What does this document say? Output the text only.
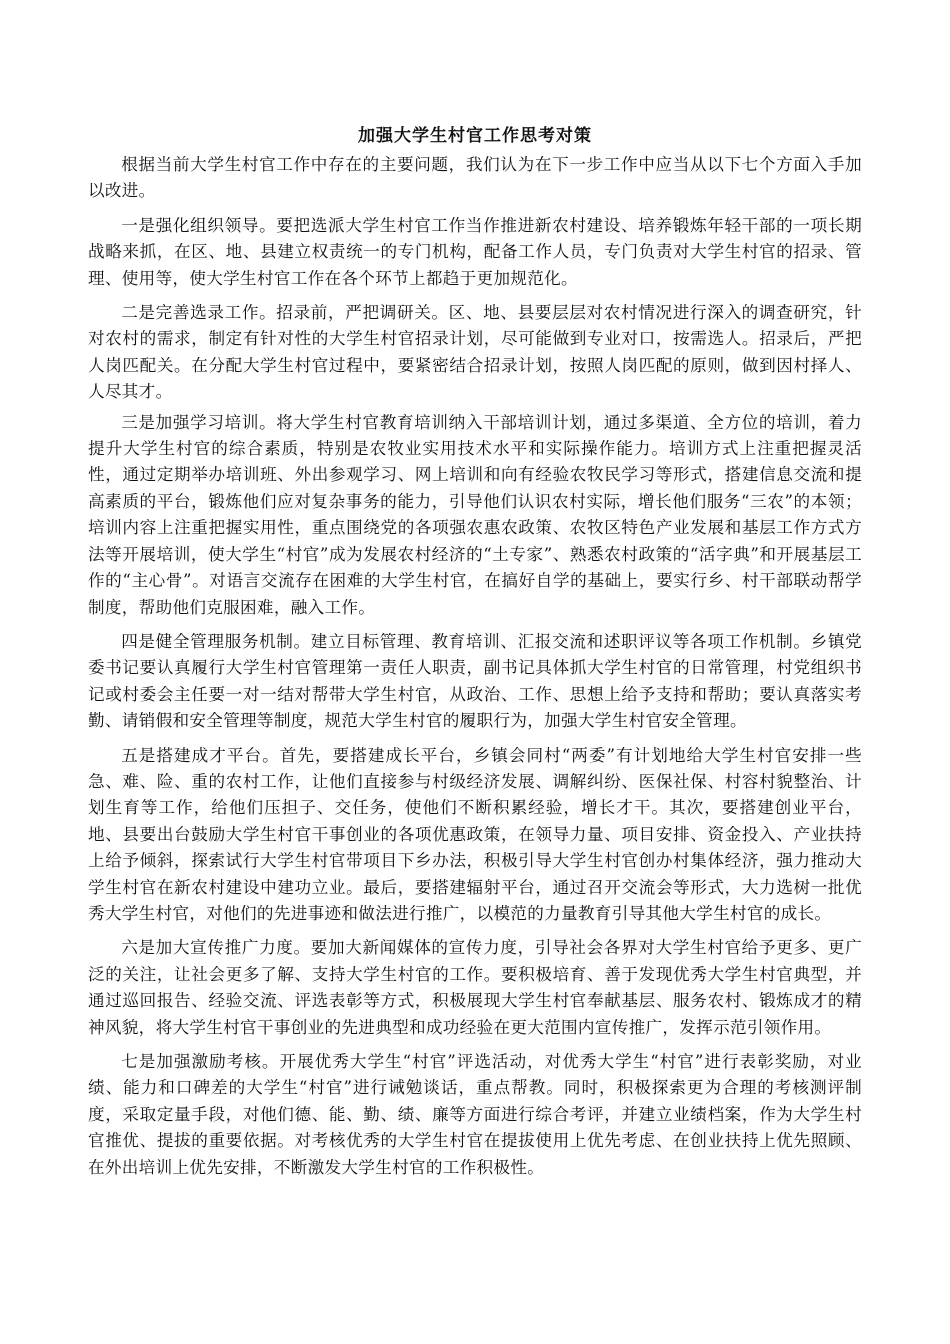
加强大学生村官工作思考对策

根据当前大学生村官工作中存在的主要问题，我们认为在下一步工作中应当从以下七个方面入手加以改进。

一是强化组织领导。要把选派大学生村官工作当作推进新农村建设、培养锻炼年轻干部的一项长期战略来抓，在区、地、县建立权责统一的专门机构，配备工作人员，专门负责对大学生村官的招录、管理、使用等，使大学生村官工作在各个环节上都趋于更加规范化。

二是完善选录工作。招录前，严把调研关。区、地、县要层层对农村情况进行深入的调查研究，针对农村的需求，制定有针对性的大学生村官招录计划，尽可能做到专业对口，按需选人。招录后，严把人岗匹配关。在分配大学生村官过程中，要紧密结合招录计划，按照人岗匹配的原则，做到因村择人、人尽其才。

三是加强学习培训。将大学生村官教育培训纳入干部培训计划，通过多渠道、全方位的培训，着力提升大学生村官的综合素质，特别是农牧业实用技术水平和实际操作能力。培训方式上注重把握灵活性，通过定期举办培训班、外出参观学习、网上培训和向有经验农牧民学习等形式，搭建信息交流和提高素质的平台，锻炼他们应对复杂事务的能力，引导他们认识农村实际，增长他们服务“三农”的本领；培训内容上注重把握实用性，重点围绕党的各项强农惠农政策、农牧区特色产业发展和基层工作方式方法等开展培训，使大学生“村官”成为发展农村经济的“土专家”、熟悉农村政策的“活字典”和开展基层工作的“主心骨”。对语言交流存在困难的大学生村官，在搞好自学的基础上，要实行乡、村干部联动帮学制度，帮助他们克服困难，融入工作。

四是健全管理服务机制。建立目标管理、教育培训、汇报交流和述职评议等各项工作机制。乡镇党委书记要认真履行大学生村官管理第一责任人职责，副书记具体抓大学生村官的日常管理，村党组织书记或村委会主任要一对一结对帮带大学生村官，从政治、工作、思想上给予支持和帮助；要认真落实考勤、请销假和安全管理等制度，规范大学生村官的履职行为，加强大学生村官安全管理。

五是搭建成才平台。首先，要搭建成长平台，乡镇会同村“两委”有计划地给大学生村官安排一些急、难、险、重的农村工作，让他们直接参与村级经济发展、调解纠纷、医保社保、村容村貌整治、计划生育等工作，给他们压担子、交任务，使他们不断积累经验，增长才干。其次，要搭建创业平台，地、县要出台鼓励大学生村官干事创业的各项优惠政策，在领导力量、项目安排、资金投入、产业扶持上给予倾斜，探索试行大学生村官带项目下乡办法，积极引导大学生村官创办村集体经济，强力推动大学生村官在新农村建设中建功立业。最后，要搭建辐射平台，通过召开交流会等形式，大力选树一批优秀大学生村官，对他们的先进事迹和做法进行推广，以模范的力量教育引导其他大学生村官的成长。

六是加大宣传推广力度。要加大新闻媒体的宣传力度，引导社会各界对大学生村官给予更多、更广泛的关注，让社会更多了解、支持大学生村官的工作。要积极培育、善于发现优秀大学生村官典型，并通过巡回报告、经验交流、评选表彰等方式，积极展现大学生村官奉献基层、服务农村、锻炼成才的精神风貌，将大学生村官干事创业的先进典型和成功经验在更大范围内宣传推广，发挥示范引领作用。

七是加强激励考核。开展优秀大学生“村官”评选活动，对优秀大学生“村官”进行表彰奖励，对业绩、能力和口碑差的大学生“村官”进行诫勉谈话，重点帮教。同时，积极探索更为合理的考核测评制度，采取定量手段，对他们德、能、勤、绩、廉等方面进行综合考评，并建立业绩档案，作为大学生村官推优、提拔的重要依据。对考核优秀的大学生村官在提拔使用上优先考虑、在创业扶持上优先照顾、在外出培训上优先安排，不断激发大学生村官的工作积极性。
